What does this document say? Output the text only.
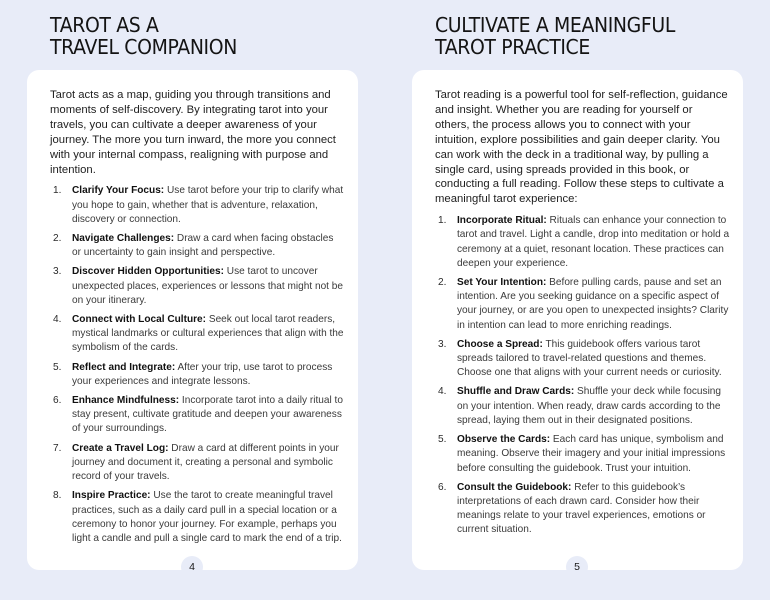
TAROT AS A
TRAVEL COMPANION

Tarot acts as a map, guiding you through transitions and moments of self-discovery. By integrating tarot into your travels, you can cultivate a deeper awareness of your journey. The more you turn inward, the more you connect with your internal compass, realigning with purpose and intention.

1. Clarify Your Focus: Use tarot before your trip to clarify what you hope to gain, whether that is adventure, relaxation, discovery or connection.
2. Navigate Challenges: Draw a card when facing obstacles or uncertainty to gain insight and perspective.
3. Discover Hidden Opportunities: Use tarot to uncover unexpected places, experiences or lessons that might not be on your itinerary.
4. Connect with Local Culture: Seek out local tarot readers, mystical landmarks or cultural experiences that align with the symbolism of the cards.
5. Reflect and Integrate: After your trip, use tarot to process your experiences and integrate lessons.
6. Enhance Mindfulness: Incorporate tarot into a daily ritual to stay present, cultivate gratitude and deepen your awareness of your surroundings.
7. Create a Travel Log: Draw a card at different points in your journey and document it, creating a personal and symbolic record of your travels.
8. Inspire Practice: Use the tarot to create meaningful travel practices, such as a daily card pull in a special location or a ceremony to honor your journey. For example, perhaps you light a candle and pull a single card to mark the end of a trip.
4
CULTIVATE A MEANINGFUL
TAROT PRACTICE

Tarot reading is a powerful tool for self-reflection, guidance and insight. Whether you are reading for yourself or others, the process allows you to connect with your intuition, explore possibilities and gain deeper clarity. You can work with the deck in a traditional way, by pulling a single card, using spreads provided in this book, or conducting a full reading. Follow these steps to cultivate a meaningful tarot experience:

1. Incorporate Ritual: Rituals can enhance your connection to tarot and travel. Light a candle, drop into meditation or hold a ceremony at a quiet, resonant location. These practices can deepen your experience.
2. Set Your Intention: Before pulling cards, pause and set an intention. Are you seeking guidance on a specific aspect of your journey, or are you open to unexpected insights? Clarity in intention can lead to more enriching readings.
3. Choose a Spread: This guidebook offers various tarot spreads tailored to travel-related questions and themes. Choose one that aligns with your current needs or curiosity.
4. Shuffle and Draw Cards: Shuffle your deck while focusing on your intention. When ready, draw cards according to the spread, laying them out in their designated positions.
5. Observe the Cards: Each card has unique, symbolism and meaning. Observe their imagery and your initial impressions before consulting the guidebook. Trust your intuition.
6. Consult the Guidebook: Refer to this guidebook’s interpretations of each drawn card. Consider how their meanings relate to your travel experiences, emotions or current situation.
5
